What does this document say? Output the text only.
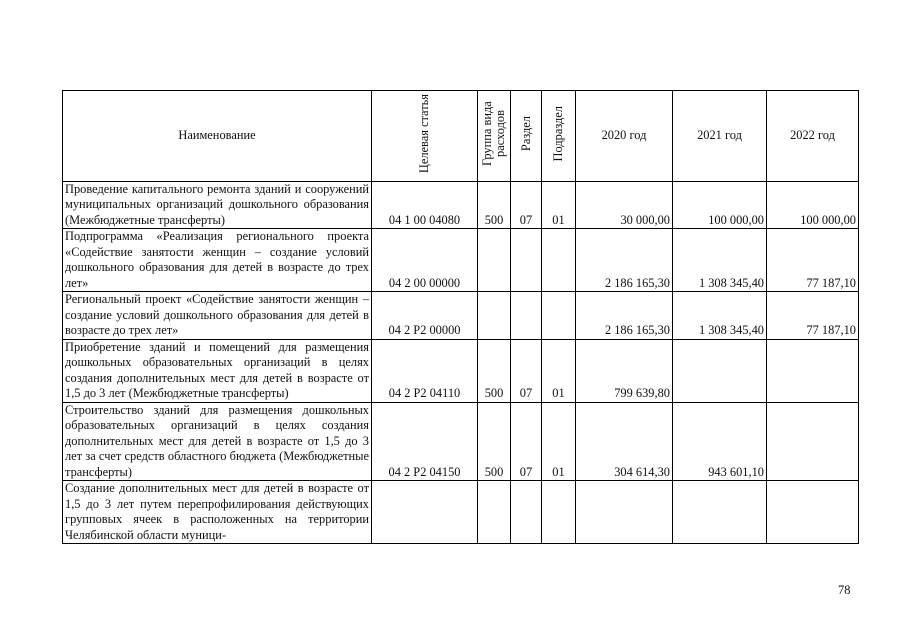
Наименование	Целевая статья	Группа вида расходов	Раздел	Подраздел	2020 год	2021 год	2022 год
Проведение капитального ремонта зданий и сооружений муниципальных организаций дошкольного образования (Межбюджетные трансферты)	04 1 00 04080	500	07	01	30 000,00	100 000,00	100 000,00
Подпрограмма «Реализация регионального проекта «Содействие занятости женщин – создание условий дошкольного образования для детей в возрасте до трех лет»	04 2 00 00000				2 186 165,30	1 308 345,40	77 187,10
Региональный проект «Содействие занятости женщин – создание условий дошкольного образования для детей в возрасте до трех лет»	04 2 P2 00000				2 186 165,30	1 308 345,40	77 187,10
Приобретение зданий и помещений для размещения дошкольных образовательных организаций в целях создания дополнительных мест для детей в возрасте от 1,5 до 3 лет (Межбюджетные трансферты)	04 2 P2 04110	500	07	01	799 639,80		
Строительство зданий для размещения дошкольных образовательных организаций в целях создания дополнительных мест для детей в возрасте от 1,5 до 3 лет за счет средств областного бюджета (Межбюджетные трансферты)	04 2 P2 04150	500	07	01	304 614,30	943 601,10	
Создание дополнительных мест для детей в возрасте от 1,5 до 3 лет путем перепрофилирования действующих групповых ячеек в расположенных на территории Челябинской области муници-							
78
